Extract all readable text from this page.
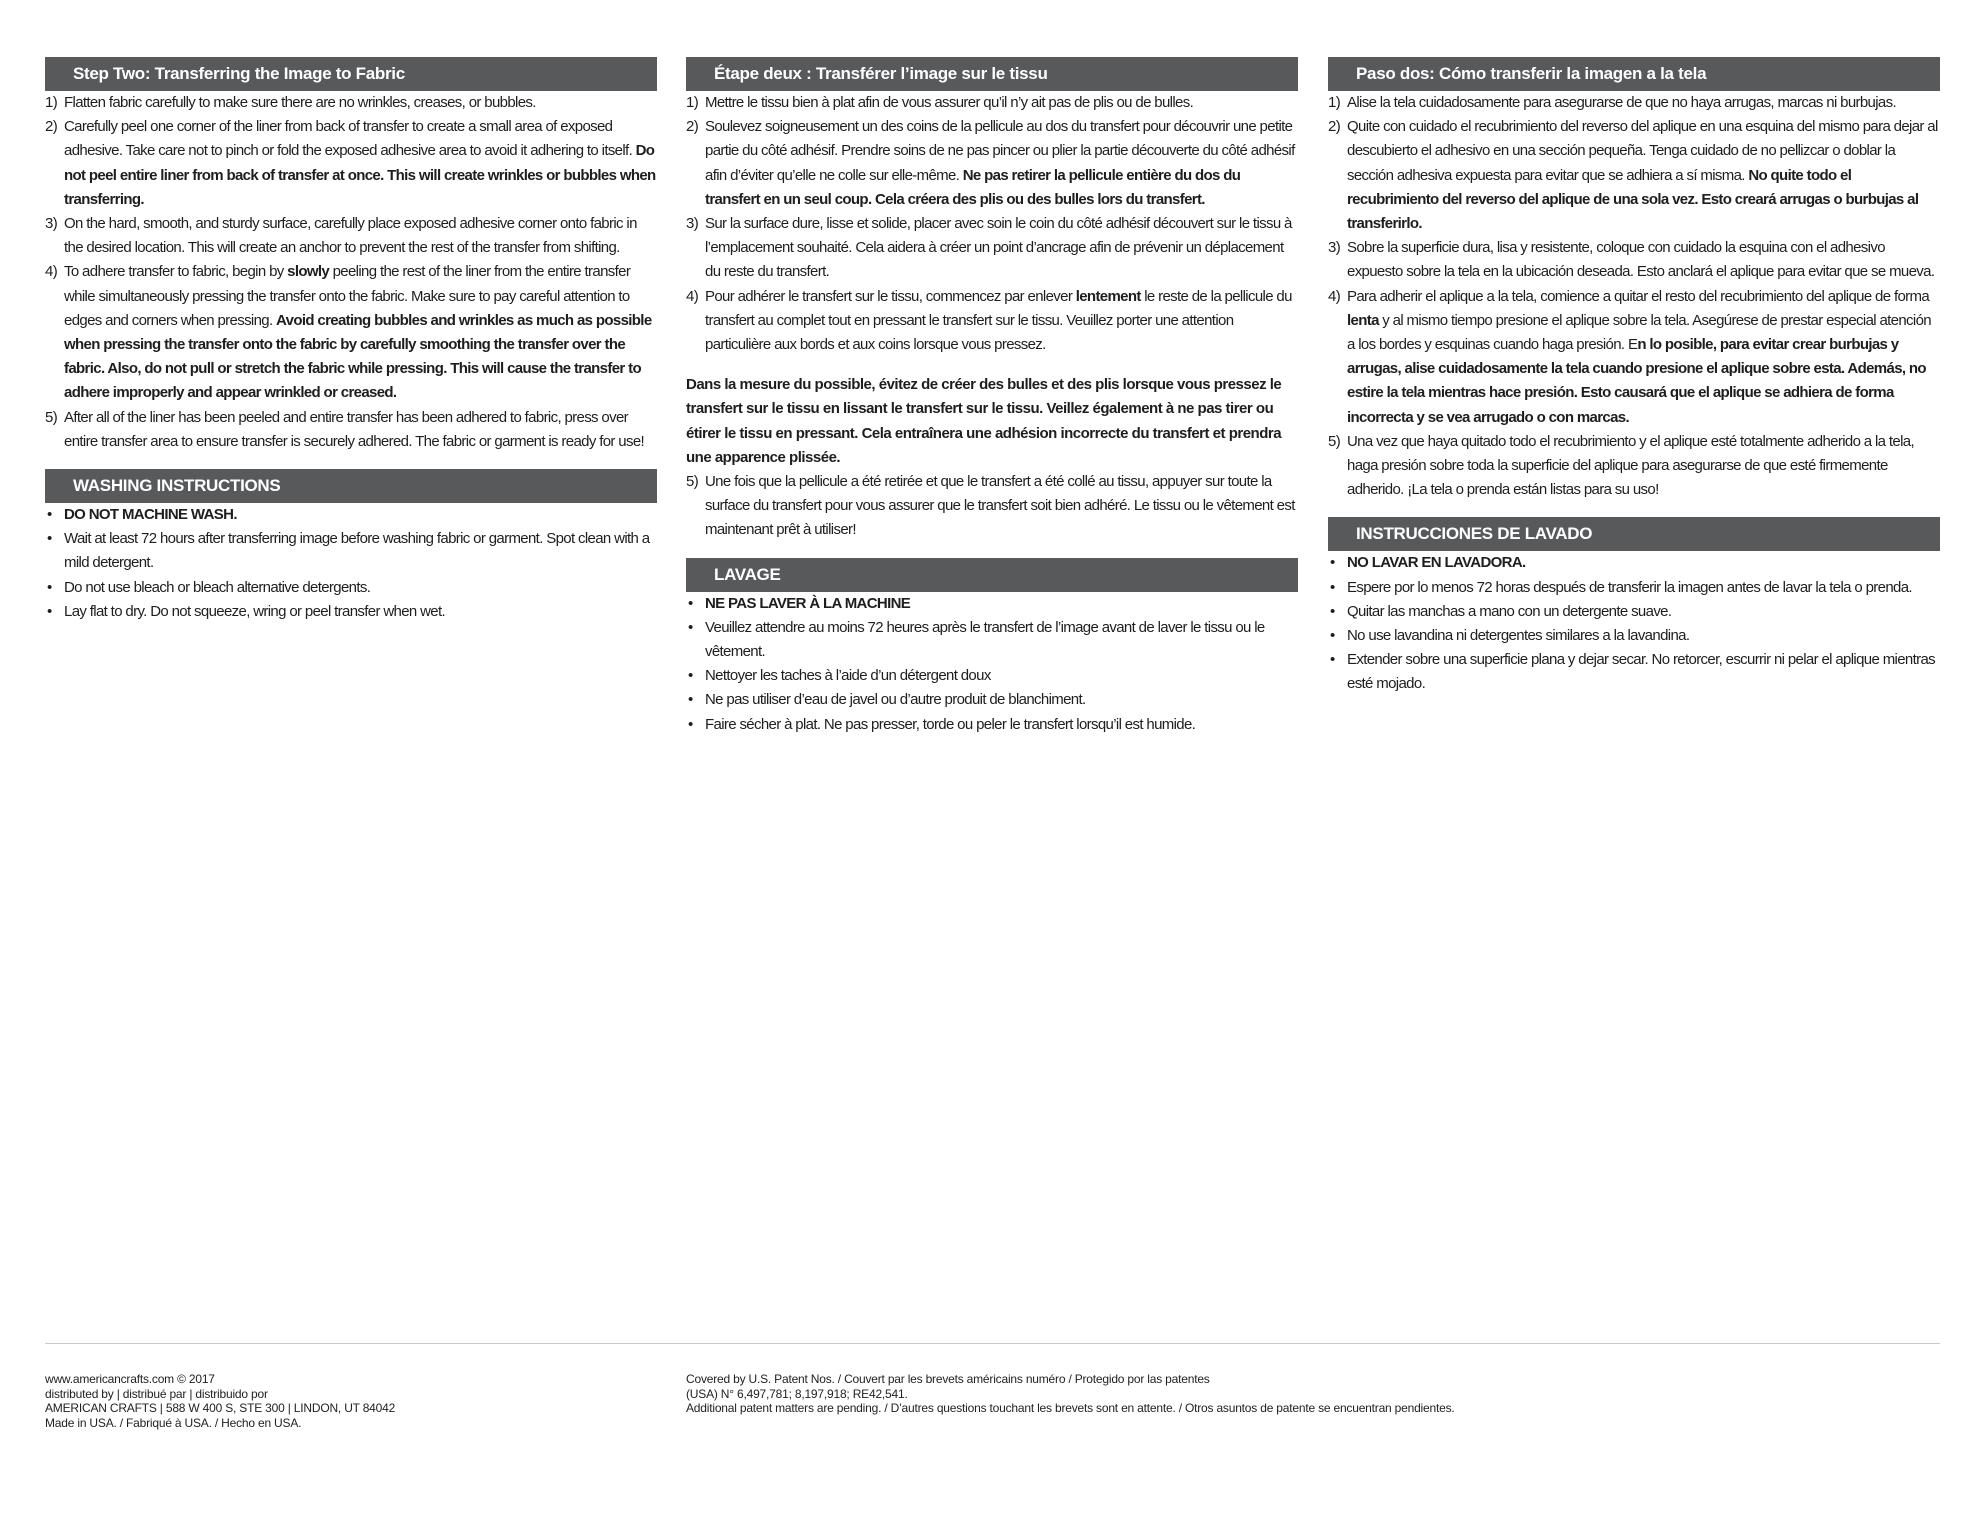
Step Two: Transferring the Image to Fabric
1) Flatten fabric carefully to make sure there are no wrinkles, creases, or bubbles.
2) Carefully peel one corner of the liner from back of transfer to create a small area of exposed adhesive. Take care not to pinch or fold the exposed adhesive area to avoid it adhering to itself. Do not peel entire liner from back of transfer at once. This will create wrinkles or bubbles when transferring.
3) On the hard, smooth, and sturdy surface, carefully place exposed adhesive corner onto fabric in the desired location. This will create an anchor to prevent the rest of the transfer from shifting.
4) To adhere transfer to fabric, begin by slowly peeling the rest of the liner from the entire transfer while simultaneously pressing the transfer onto the fabric. Make sure to pay careful attention to edges and corners when pressing. Avoid creating bubbles and wrinkles as much as possible when pressing the transfer onto the fabric by carefully smoothing the transfer over the fabric. Also, do not pull or stretch the fabric while pressing. This will cause the transfer to adhere improperly and appear wrinkled or creased.
5) After all of the liner has been peeled and entire transfer has been adhered to fabric, press over entire transfer area to ensure transfer is securely adhered. The fabric or garment is ready for use!
WASHING INSTRUCTIONS
• DO NOT MACHINE WASH.
• Wait at least 72 hours after transferring image before washing fabric or garment. Spot clean with a mild detergent.
• Do not use bleach or bleach alternative detergents.
• Lay flat to dry. Do not squeeze, wring or peel transfer when wet.
Étape deux : Transférer l’image sur le tissu
1) Mettre le tissu bien à plat afin de vous assurer qu’il n’y ait pas de plis ou de bulles.
2) Soulevez soigneusement un des coins de la pellicule au dos du transfert pour découvrir une petite partie du côté adhésif. Prendre soins de ne pas pincer ou plier la partie découverte du côté adhésif afin d’éviter qu’elle ne colle sur elle-même. Ne pas retirer la pellicule entière du dos du transfert en un seul coup. Cela créera des plis ou des bulles lors du transfert.
3) Sur la surface dure, lisse et solide, placer avec soin le coin du côté adhésif découvert sur le tissu à l’emplacement souhaité. Cela aidera à créer un point d’ancrage afin de prévenir un déplacement du reste du transfert.
4) Pour adhérer le transfert sur le tissu, commencez par enlever lentement le reste de la pellicule du transfert au complet tout en pressant le transfert sur le tissu. Veuillez porter une attention particulière aux bords et aux coins lorsque vous pressez.

Dans la mesure du possible, évitez de créer des bulles et des plis lorsque vous pressez le transfert sur le tissu en lissant le transfert sur le tissu. Veillez également à ne pas tirer ou étirer le tissu en pressant. Cela entraînera une adhésion incorrecte du transfert et prendra une apparence plissée.

5) Une fois que la pellicule a été retirée et que le transfert a été collé au tissu, appuyer sur toute la surface du transfert pour vous assurer que le transfert soit bien adhéré. Le tissu ou le vêtement est maintenant prêt à utiliser!
LAVAGE
• NE PAS LAVER À LA MACHINE
• Veuillez attendre au moins 72 heures après le transfert de l’image avant de laver le tissu ou le vêtement.
• Nettoyer les taches à l’aide d’un détergent doux
• Ne pas utiliser d’eau de javel ou d’autre produit de blanchiment.
• Faire sécher à plat. Ne pas presser, torde ou peler le transfert lorsqu’il est humide.
Paso dos: Cómo transferir la imagen a la tela
1) Alise la tela cuidadosamente para asegurarse de que no haya arrugas, marcas ni burbujas.
2) Quite con cuidado el recubrimiento del reverso del aplique en una esquina del mismo para dejar al descubierto el adhesivo en una sección pequeña. Tenga cuidado de no pellizcar o doblar la sección adhesiva expuesta para evitar que se adhiera a sí misma. No quite todo el recubrimiento del reverso del aplique de una sola vez. Esto creará arrugas o burbujas al transferirlo.
3) Sobre la superficie dura, lisa y resistente, coloque con cuidado la esquina con el adhesivo expuesto sobre la tela en la ubicación deseada. Esto anclará el aplique para evitar que se mueva.
4) Para adherir el aplique a la tela, comience a quitar el resto del recubrimiento del aplique de forma lenta y al mismo tiempo presione el aplique sobre la tela. Asegúrese de prestar especial atención a los bordes y esquinas cuando haga presión. En lo posible, para evitar crear burbujas y arrugas, alise cuidadosamente la tela cuando presione el aplique sobre esta. Además, no estire la tela mientras hace presión. Esto causará que el aplique se adhiera de forma incorrecta y se vea arrugado o con marcas.
5) Una vez que haya quitado todo el recubrimiento y el aplique esté totalmente adherido a la tela, haga presión sobre toda la superficie del aplique para asegurarse de que esté firmemente adherido. ¡La tela o prenda están listas para su uso!
INSTRUCCIONES DE LAVADO
• NO LAVAR EN LAVADORA.
• Espere por lo menos 72 horas después de transferir la imagen antes de lavar la tela o prenda.
• Quitar las manchas a mano con un detergente suave.
• No use lavandina ni detergentes similares a la lavandina.
• Extender sobre una superficie plana y dejar secar. No retorcer, escurrir ni pelar el aplique mientras esté mojado.
www.americancrafts.com © 2017
distributed by | distribué par | distribuido por
AMERICAN CRAFTS | 588 W 400 S, STE 300 | LINDON, UT 84042
Made in USA. / Fabriqué à USA. / Hecho en USA.
Covered by U.S. Patent Nos. / Couvert par les brevets américains numéro / Protegido por las patentes
(USA) N° 6,497,781; 8,197,918; RE42,541.
Additional patent matters are pending. / D’autres questions touchant les brevets sont en attente. / Otros asuntos de patente se encuentran pendientes.
